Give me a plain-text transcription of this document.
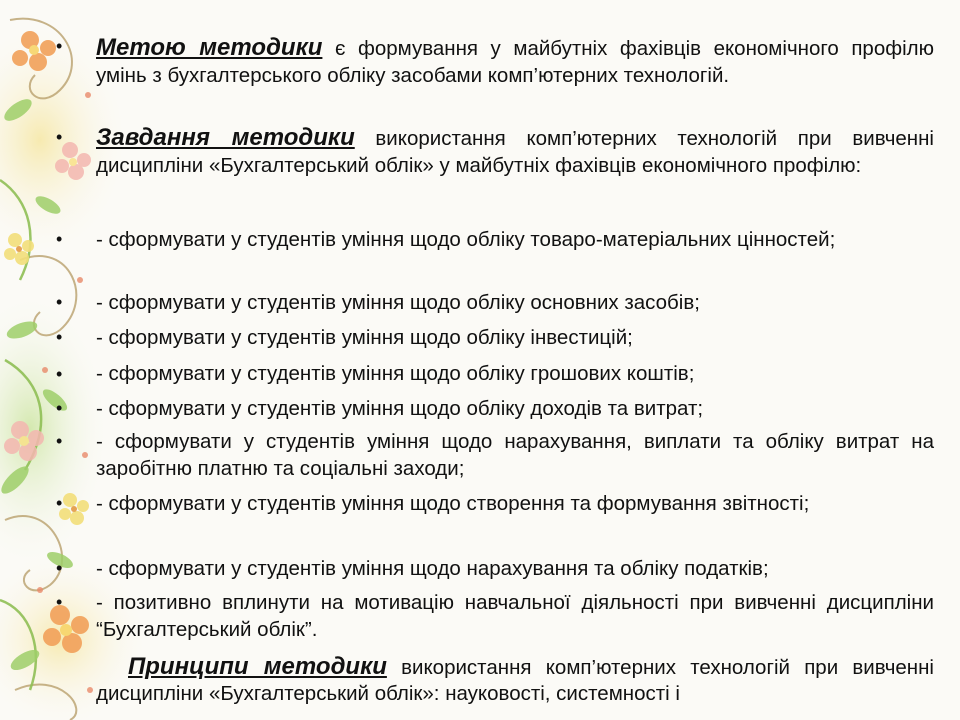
• Метою методики є формування у майбутніх фахівців економічного профілю умінь з бухгалтерського обліку засобами комп’ютерних технологій.
• Завдання методики використання комп’ютерних технологій при вивченні дисципліни «Бухгалтерський облік» у майбутніх фахівців економічного профілю:
• - сформувати у студентів уміння щодо обліку товаро-матеріальних цінностей;
• - сформувати у студентів уміння щодо обліку основних засобів;
• - сформувати у студентів уміння щодо обліку інвестицій;
• - сформувати у студентів уміння щодо обліку грошових коштів;
• - сформувати у студентів уміння щодо обліку доходів та витрат;
• - сформувати у студентів уміння щодо нарахування, виплати та обліку витрат на заробітню платню та соціальні заходи;
• - сформувати у студентів уміння щодо створення та формування звітності;
• - сформувати у студентів уміння щодо нарахування та обліку податків;
• - позитивно вплинути на мотивацію навчальної діяльності при вивченні дисципліни “Бухгалтерський облік”.
Принципи методики використання комп’ютерних технологій при вивченні дисципліни «Бухгалтерський облік»: науковості, системності і
